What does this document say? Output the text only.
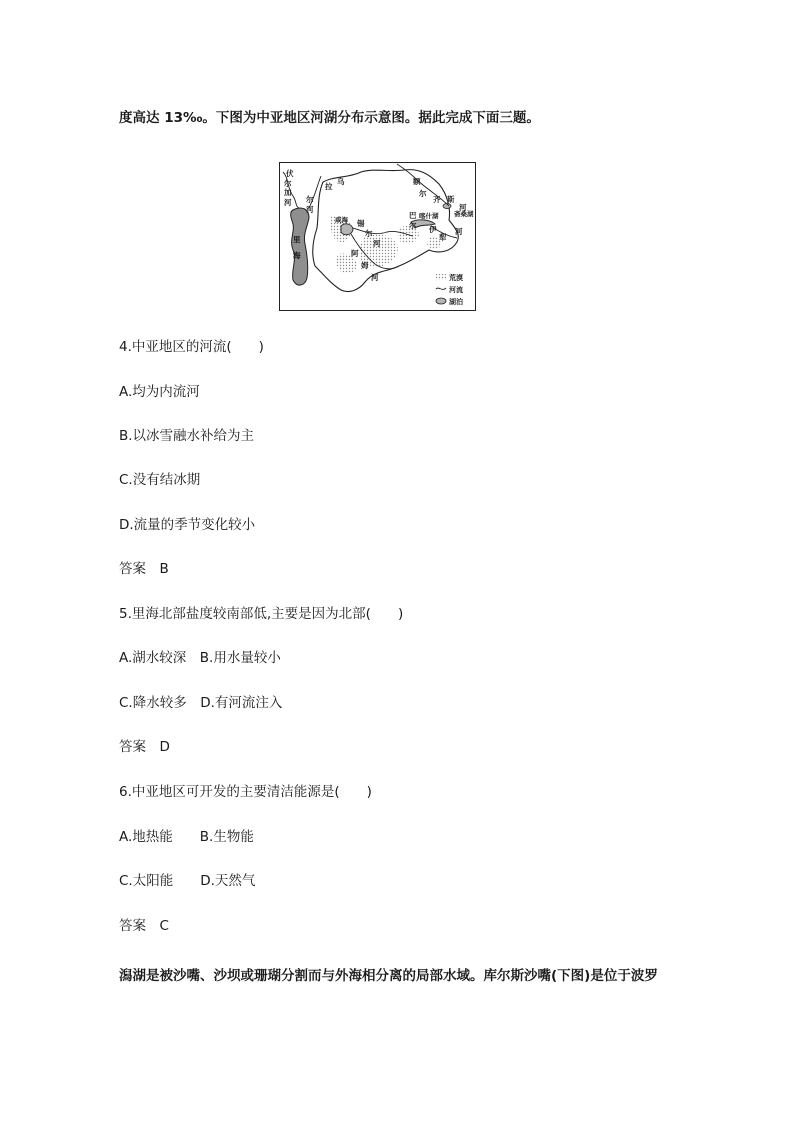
度高达 13‰。下图为中亚地区河湖分布示意图。据此完成下面三题。
伏
尔
加
河
乌
拉
尔
河
里
海
咸海 锡
尔
河
阿
姆
河
额
尔
齐 斯
河
斋桑湖
巴
尔
喀什湖
伊
犁
河
荒漠
河流
湖泊
4.中亚地区的河流(　　)
A.均为内流河
B.以冰雪融水补给为主
C.没有结冰期
D.流量的季节变化较小
答案　B
5.里海北部盐度较南部低,主要是因为北部(　　)
A.湖水较深　B.用水量较小
C.降水较多　D.有河流注入
答案　D
6.中亚地区可开发的主要清洁能源是(　　)
A.地热能　　B.生物能
C.太阳能　　D.天然气
答案　C
潟湖是被沙嘴、沙坝或珊瑚分割而与外海相分离的局部水域。库尔斯沙嘴(下图)是位于波罗
